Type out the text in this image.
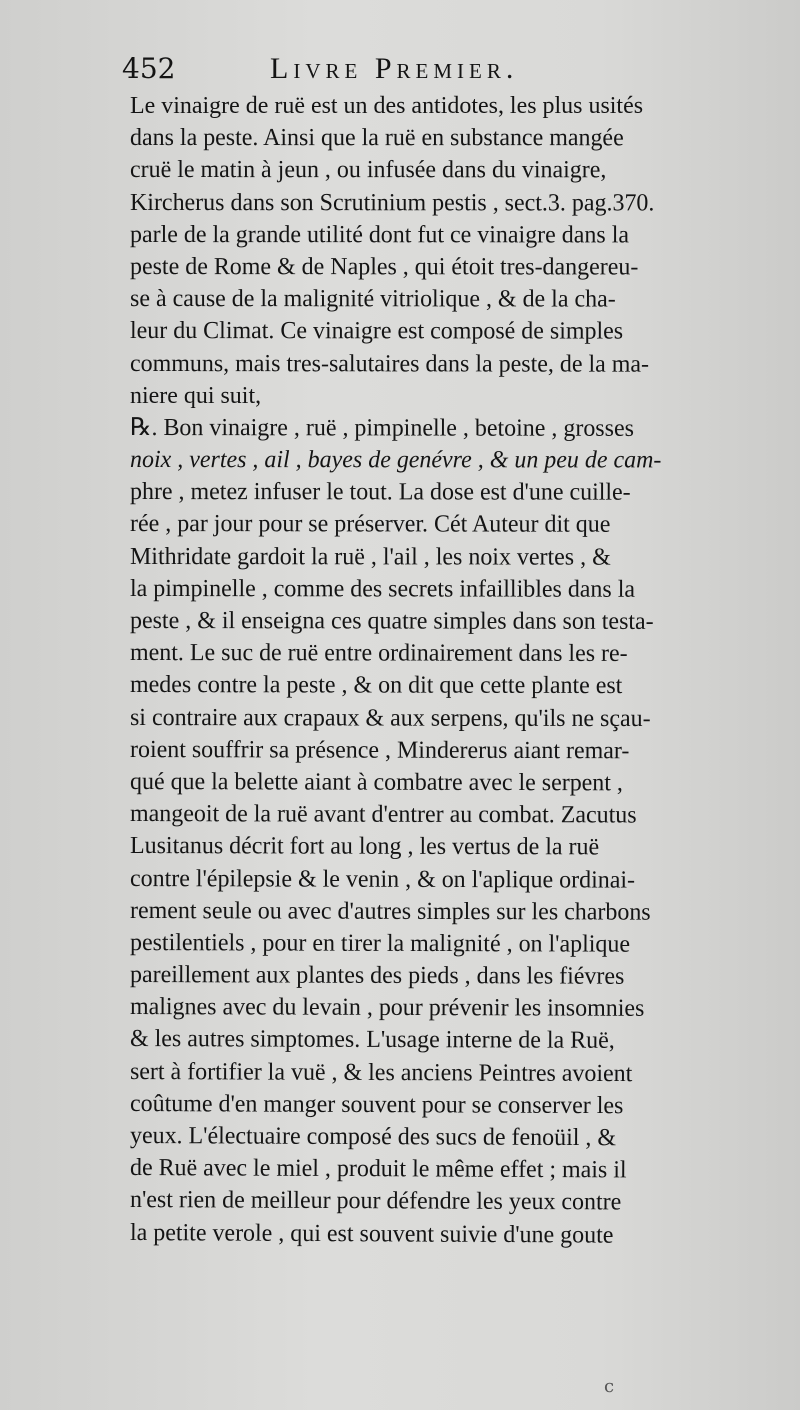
452	Livre Premier.
Le vinaigre de ruë est un des antidotes, les plus usités
dans la peste. Ainsi que la ruë en substance mangée
cruë le matin à jeun , ou infusée dans du vinaigre,
Kircherus dans son Scrutinium pestis , sect.3. pag.370.
parle de la grande utilité dont fut ce vinaigre dans la
peste de Rome & de Naples , qui étoit tres-dangereu-
se à cause de la malignité vitriolique , & de la cha-
leur du Climat. Ce vinaigre est composé de simples
communs, mais tres-salutaires dans la peste, de la ma-
niere qui suit,
℞. Bon vinaigre , ruë , pimpinelle , betoine , grosses
noix , vertes , ail , bayes de genévre , & un peu de cam-
phre , metez infuser le tout. La dose est d'une cuille-
rée , par jour pour se préserver. Cét Auteur dit que
Mithridate gardoit la ruë , l'ail , les noix vertes , &
la pimpinelle , comme des secrets infaillibles dans la
peste , & il enseigna ces quatre simples dans son testa-
ment. Le suc de ruë entre ordinairement dans les re-
medes contre la peste , & on dit que cette plante est
si contraire aux crapaux & aux serpens, qu'ils ne sçau-
roient souffrir sa présence , Mindererus aiant remar-
qué que la belette aiant à combatre avec le serpent ,
mangeoit de la ruë avant d'entrer au combat. Zacutus
Lusitanus décrit fort au long , les vertus de la ruë
contre l'épilepsie & le venin , & on l'aplique ordinai-
rement seule ou avec d'autres simples sur les charbons
pestilentiels , pour en tirer la malignité , on l'aplique
pareillement aux plantes des pieds , dans les fiévres
malignes avec du levain , pour prévenir les insomnies
& les autres simptomes. L'usage interne de la Ruë,
sert à fortifier la vuë , & les anciens Peintres avoient
coûtume d'en manger souvent pour se conserver les
yeux. L'électuaire composé des sucs de fenoüil , &
de Ruë avec le miel , produit le même effet ; mais il
n'est rien de meilleur pour défendre les yeux contre
la petite verole , qui est souvent suivie d'une goute
c
